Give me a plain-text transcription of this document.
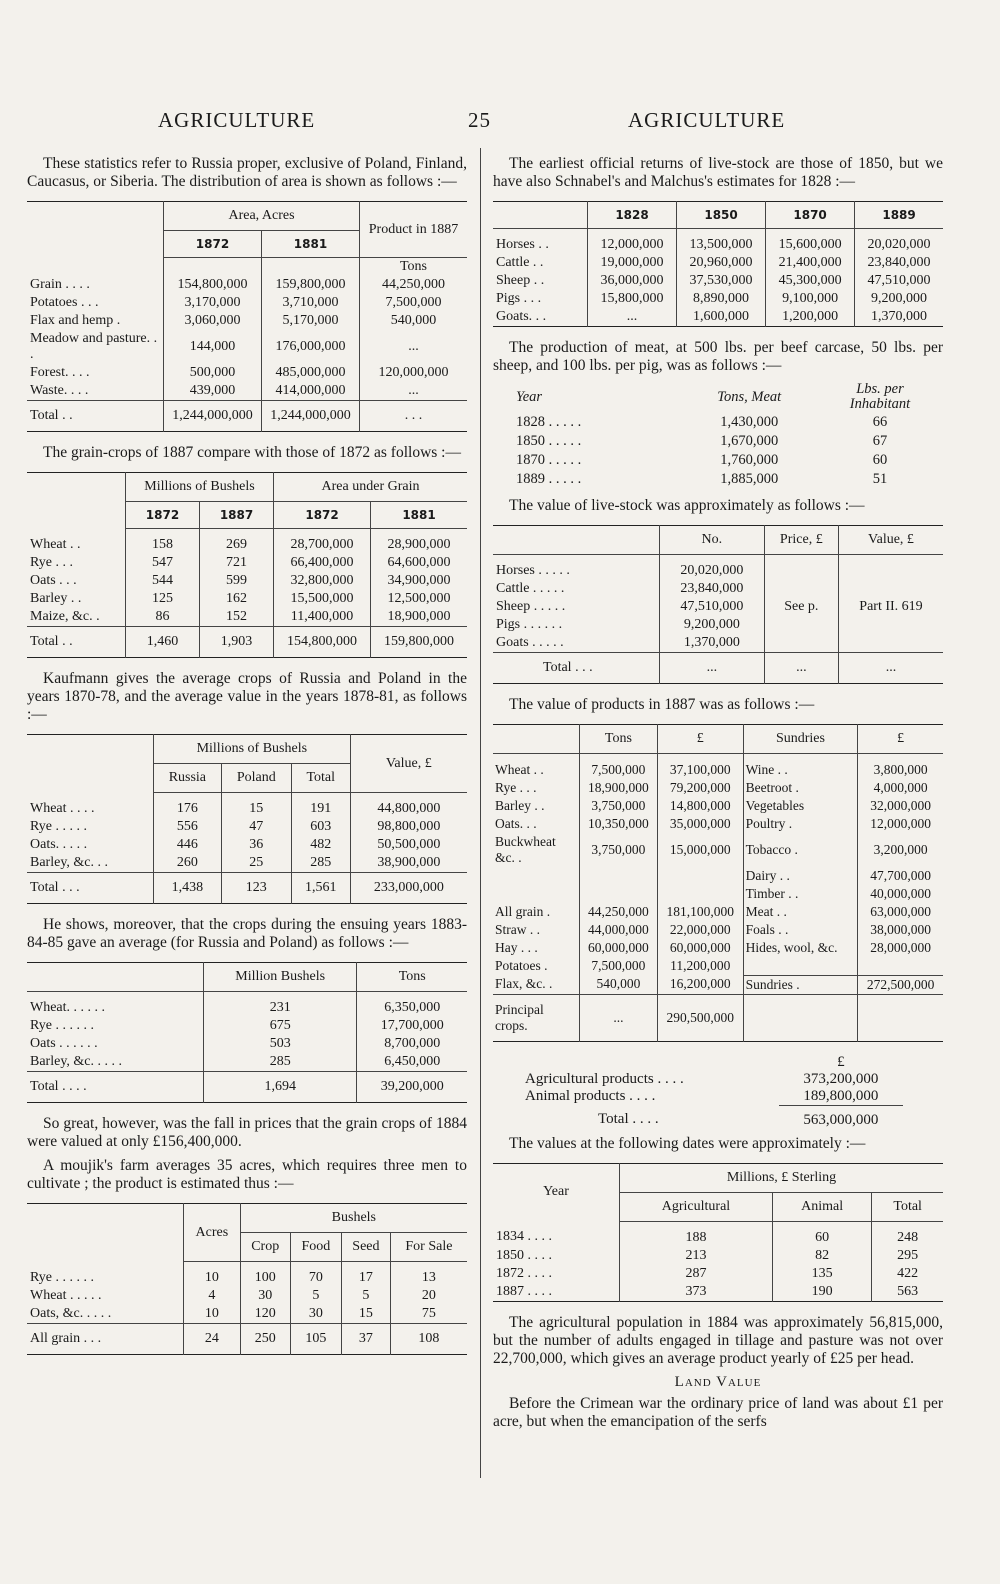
AGRICULTURE	25	AGRICULTURE

These statistics refer to Russia proper, exclusive of Poland, Finland, Caucasus, or Siberia. The distribution of area is shown as follows :—

	Area, Acres		Product in 1887
	1872	1881	
			Tons
Grain . . . .	154,800,000	159,800,000	44,250,000
Potatoes . . .	3,170,000	3,710,000	7,500,000
Flax and hemp .	3,060,000	5,170,000	540,000
Meadow and pasture. . .	144,000	176,000,000	...
Forest. . . .	500,000	485,000,000	120,000,000
Waste. . . .	439,000	414,000,000	...
Total . .	1,244,000,000	1,244,000,000	. . .

The grain-crops of 1887 compare with those of 1872 as follows :—

	Millions of Bushels		Area under Grain	
	1872	1887	1872	1881
Wheat . .	158	269	28,700,000	28,900,000
Rye . . .	547	721	66,400,000	64,600,000
Oats . . .	544	599	32,800,000	34,900,000
Barley . .	125	162	15,500,000	12,500,000
Maize, &c. .	86	152	11,400,000	18,900,000
Total . .	1,460	1,903	154,800,000	159,800,000

Kaufmann gives the average crops of Russia and Poland in the years 1870-78, and the average value in the years 1878-81, as follows :—

	Millions of Bushels			Value, £
	Russia	Poland	Total	
Wheat . . . .	176	15	191	44,800,000
Rye . . . . .	556	47	603	98,800,000
Oats. . . . .	446	36	482	50,500,000
Barley, &c. . .	260	25	285	38,900,000
Total . . .	1,438	123	1,561	233,000,000

He shows, moreover, that the crops during the ensuing years 1883-84-85 gave an average (for Russia and Poland) as follows :—

	Million Bushels	Tons
Wheat. . . . . .	231	6,350,000
Rye . . . . . .	675	17,700,000
Oats . . . . . .	503	8,700,000
Barley, &c. . . . .	285	6,450,000
Total . . . .	1,694	39,200,000

So great, however, was the fall in prices that the grain crops of 1884 were valued at only £156,400,000.

A moujik's farm averages 35 acres, which requires three men to cultivate ; the product is estimated thus :—

	Acres	Bushels			
		Crop	Food	Seed	For Sale
Rye . . . . . .	10	100	70	17	13
Wheat . . . . .	4	30	5	5	20
Oats, &c. . . . .	10	120	30	15	75
All grain . . .	24	250	105	37	108

The earliest official returns of live-stock are those of 1850, but we have also Schnabel's and Malchus's estimates for 1828 :—

	1828	1850	1870	1889
Horses . .	12,000,000	13,500,000	15,600,000	20,020,000
Cattle . .	19,000,000	20,960,000	21,400,000	23,840,000
Sheep . .	36,000,000	37,530,000	45,300,000	47,510,000
Pigs . . .	15,800,000	8,890,000	9,100,000	9,200,000
Goats. . .	...	1,600,000	1,200,000	1,370,000

The production of meat, at 500 lbs. per beef carcase, 50 lbs. per sheep, and 100 lbs. per pig, was as follows :—

Year	Tons, Meat	Lbs. per Inhabitant
1828 . . . . .	1,430,000	66
1850 . . . . .	1,670,000	67
1870 . . . . .	1,760,000	60
1889 . . . . .	1,885,000	51

The value of live-stock was approximately as follows :—

	No.	Price, £	Value, £
Horses . . . . .	20,020,000	See p.	Part II. 619
Cattle . . . . .	23,840,000		
Sheep . . . . .	47,510,000		
Pigs . . . . . .	9,200,000		
Goats . . . . .	1,370,000		
Total . . .	...	...	...

The value of products in 1887 was as follows :—

	Tons	£	Sundries	£
Wheat . .	7,500,000	37,100,000	Wine . .	3,800,000
Rye . . .	18,900,000	79,200,000	Beetroot .	4,000,000
Barley . .	3,750,000	14,800,000	Vegetables	32,000,000
Oats. . .	10,350,000	35,000,000	Poultry .	12,000,000
Buckwheat &c. .	3,750,000	15,000,000	Tobacco .	3,200,000
			Dairy . .	47,700,000
			Timber . .	40,000,000
All grain .	44,250,000	181,100,000	Meat . .	63,000,000
Straw . .	44,000,000	22,000,000	Foals . .	38,000,000
Hay . . .	60,000,000	60,000,000	Hides, wool, &c.	28,000,000
Potatoes .	7,500,000	11,200,000		
Flax, &c. .	540,000	16,200,000	Sundries .	272,500,000
Principal crops.	...	290,500,000		
	£
Agricultural products . . . .	373,200,000
Animal products . . . .	189,800,000
Total . . . .	563,000,000

The values at the following dates were approximately :—

Year	Millions, £ Sterling		
	Agricultural	Animal	Total
1834 . . . .	188	60	248
1850 . . . .	213	82	295
1872 . . . .	287	135	422
1887 . . . .	373	190	563

The agricultural population in 1884 was approximately 56,815,000, but the number of adults engaged in tillage and pasture was not over 22,700,000, which gives an average product yearly of £25 per head.

Land Value

Before the Crimean war the ordinary price of land was about £1 per acre, but when the emancipation of the serfs
